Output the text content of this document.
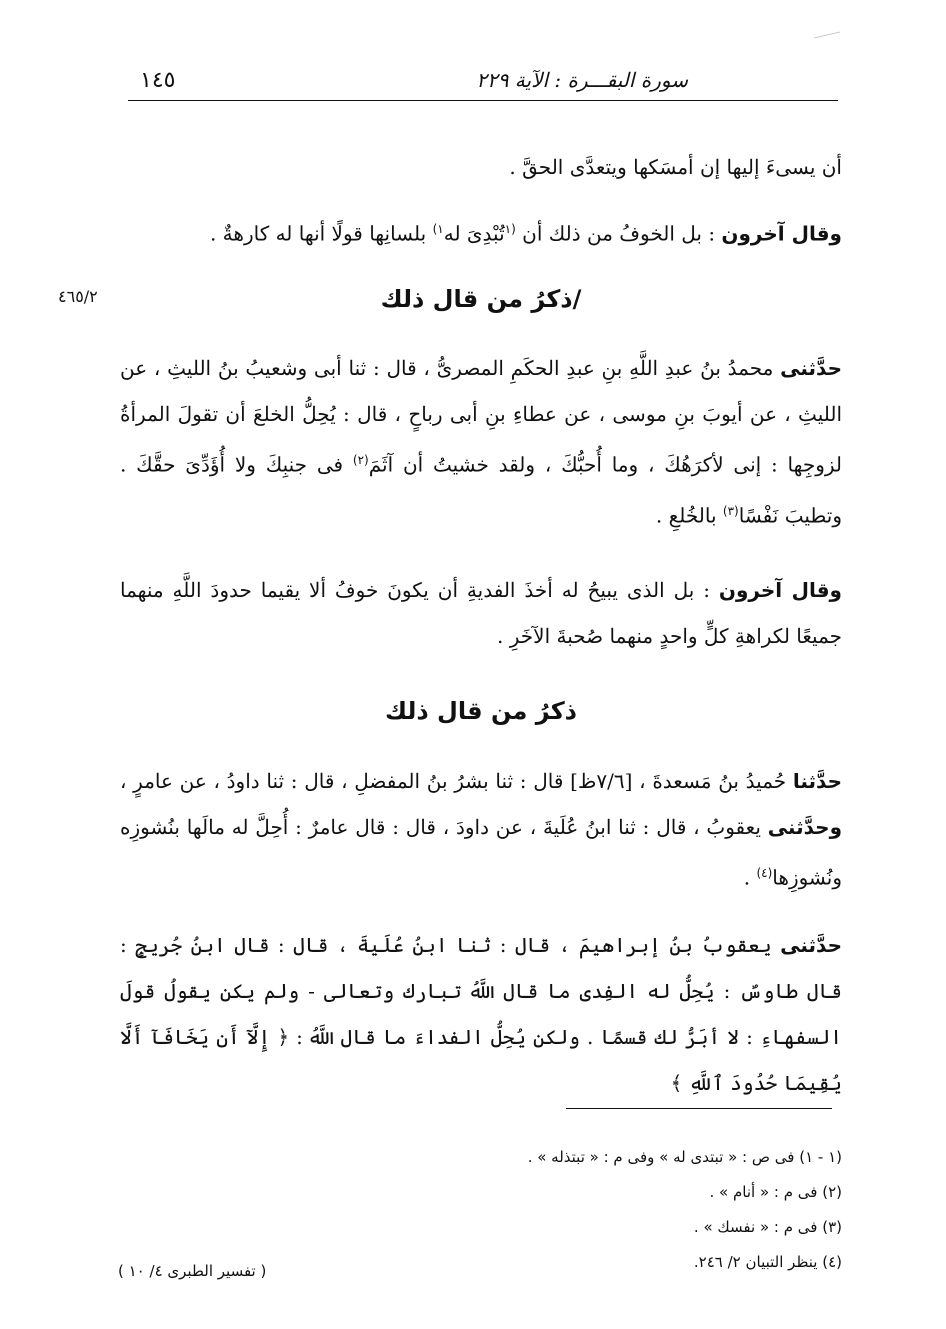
١٤٥	سورة البقـــرة : الآية ٢٢٩
٤٦٥/٢

أن يسىءَ إليها إن أمسَكها ويتعدَّى الحقَّ .

وقال آخرون : بل الخوفُ من ذلك أن $^{(١}$تُبْدِىَ له$^{١)}$ بلسانِها قولًا أنها له كارهةٌ .

/ذكرُ من قال ذلك

حدَّثنى محمدُ بنُ عبدِ اللَّهِ بنِ عبدِ الحكَمِ المصرىُّ ، قال : ثنا أبى وشعيبُ بنُ الليثِ ، عن الليثِ ، عن أيوبَ بنِ موسى ، عن عطاءِ بنِ أبى رباحٍ ، قال : يُحِلُّ الخلعَ أن تقولَ المرأةُ لزوجِها : إنى لأكرَهُكَ ، وما أُحبُّكَ ، ولقد خشيتُ أن آثَمَ$^{(٢)}$ فى جنبِكَ ولا أُؤَدِّىَ حقَّكَ . وتطيبَ نَفْسًا$^{(٣)}$ بالخُلعِ .

وقال آخرون : بل الذى يبيحُ له أخذَ الفديةِ أن يكونَ خوفُ ألا يقيما حدودَ اللَّهِ منهما جميعًا لكراهةِ كلٍّ واحدٍ منهما صُحبةَ الآخَرِ .

ذكرُ من قال ذلك

حدَّثنا حُميدُ بنُ مَسعدةَ ، [٧/٦ظ] قال : ثنا بشرُ بنُ المفضلِ ، قال : ثنا داودُ ، عن عامرٍ ، وحدَّثنى يعقوبُ ، قال : ثنا ابنُ عُلَيةَ ، عن داودَ ، قال : قال عامرٌ : أُحِلَّ له مالَها بنُشوزِه ونُشوزِها$^{(٤)}$ .

حدَّثنى يعقوبُ بنُ إبراهيمَ ، قال : ثنا ابنُ عُلَيةَ ، قال : قال ابنُ جُريجٍ : قال طاوسٌ : يُحِلُّ له الفِدى ما قال اللَّهُ تبارك وتعالى - ولم يكن يقولُ قولَ السفهاءِ : لا أبَرُّ لك قسمًا . ولكن يُحِلُّ الفداءَ ما قال اللَّهُ : ﴿ إِلَّآ أَن يَخَافَآ أَلَّا يُقِيمَا حُدُودَ ٱللَّهِ ﴾

(١ - ١) فى ص : « تبتدى له » وفى م : « تبتذله » .

(٢) فى م : « أنام » .

(٣) فى م : « نفسك » .

(٤) ينظر التبيان ٢/ ٢٤٦.

( تفسير الطبرى ٤/ ١٠ )
